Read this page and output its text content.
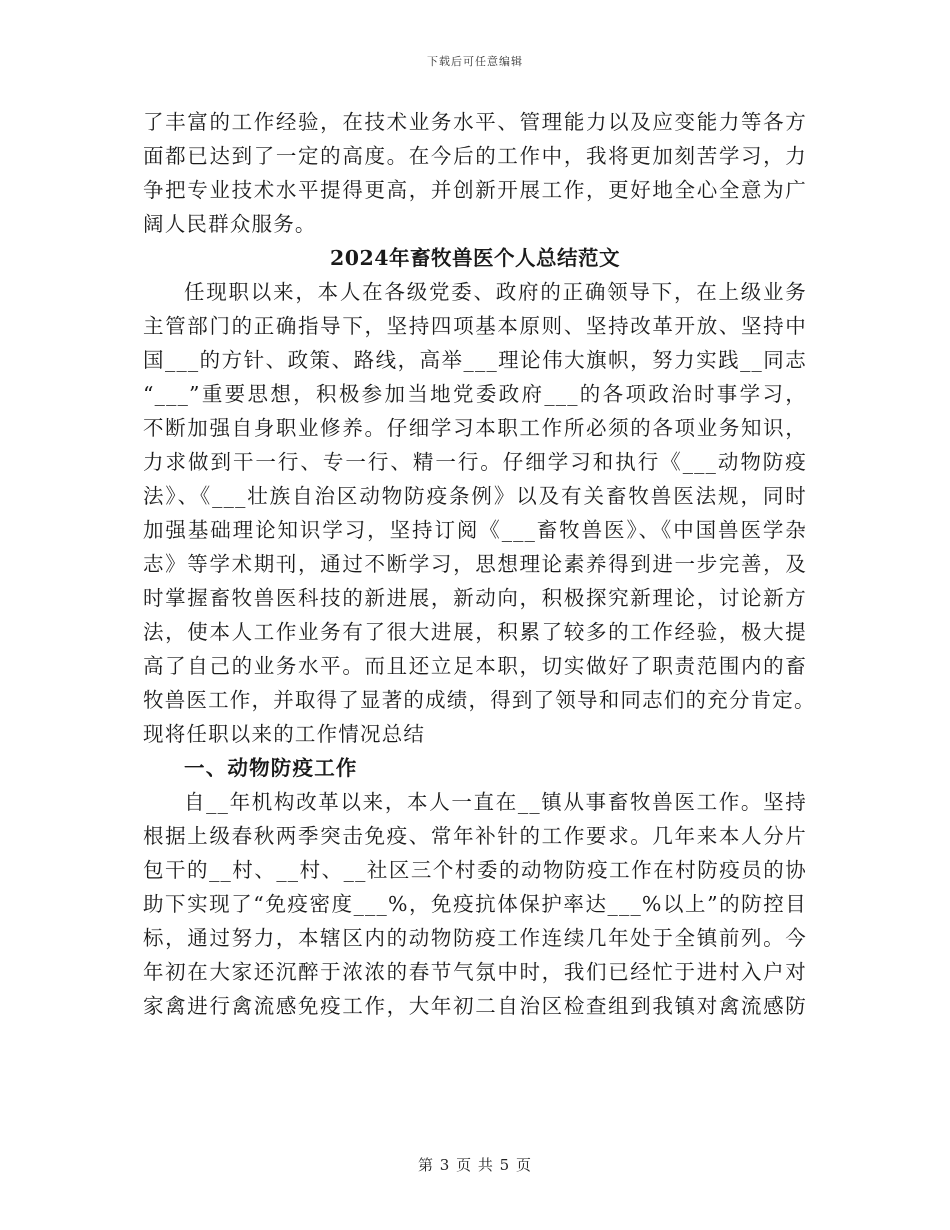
下载后可任意编辑
了丰富的工作经验，在技术业务水平、管理能力以及应变能力等各方
面都已达到了一定的高度。在今后的工作中，我将更加刻苦学习，力
争把专业技术水平提得更高，并创新开展工作，更好地全心全意为广
阔人民群众服务。
2024年畜牧兽医个人总结范文
任现职以来，本人在各级党委、政府的正确领导下，在上级业务
主管部门的正确指导下，坚持四项基本原则、坚持改革开放、坚持中
国___的方针、政策、路线，高举___理论伟大旗帜，努力实践__同志
“___”重要思想，积极参加当地党委政府___的各项政治时事学习，
不断加强自身职业修养。仔细学习本职工作所必须的各项业务知识，
力求做到干一行、专一行、精一行。仔细学习和执行《___动物防疫
法》、《___壮族自治区动物防疫条例》以及有关畜牧兽医法规，同时
加强基础理论知识学习，坚持订阅《___畜牧兽医》、《中国兽医学杂
志》等学术期刊，通过不断学习，思想理论素养得到进一步完善，及
时掌握畜牧兽医科技的新进展，新动向，积极探究新理论，讨论新方
法，使本人工作业务有了很大进展，积累了较多的工作经验，极大提
高了自己的业务水平。而且还立足本职，切实做好了职责范围内的畜
牧兽医工作，并取得了显著的成绩，得到了领导和同志们的充分肯定。
现将任职以来的工作情况总结
一、动物防疫工作
自__年机构改革以来，本人一直在__镇从事畜牧兽医工作。坚持
根据上级春秋两季突击免疫、常年补针的工作要求。几年来本人分片
包干的__村、__村、__社区三个村委的动物防疫工作在村防疫员的协
助下实现了“免疫密度___%，免疫抗体保护率达___%以上”的防控目
标，通过努力，本辖区内的动物防疫工作连续几年处于全镇前列。今
年初在大家还沉醉于浓浓的春节气氛中时，我们已经忙于进村入户对
家禽进行禽流感免疫工作，大年初二自治区检查组到我镇对禽流感防
第 3 页 共 5 页
